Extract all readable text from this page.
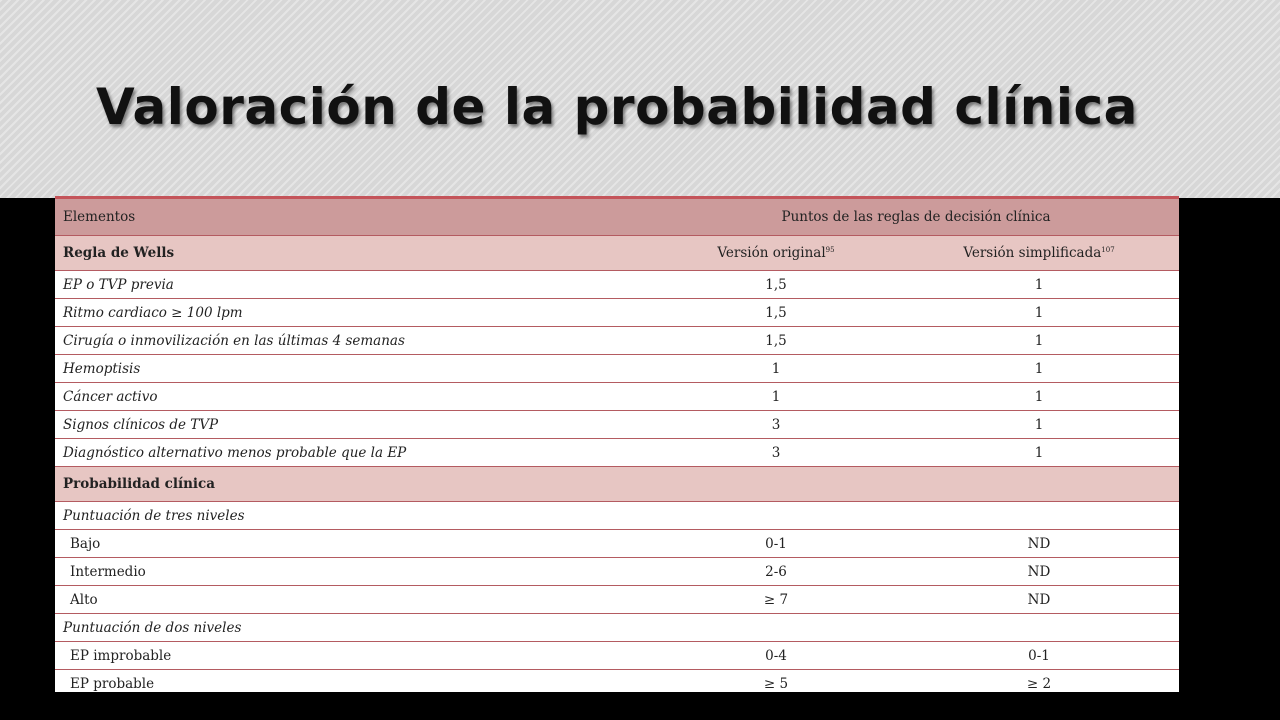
Valoración de la probabilidad clínica
Elementos	Puntos de las reglas de decisión clínica	
Regla de Wells	Versión original$^{95}$	Versión simplificada$^{107}$
EP o TVP previa	1,5	1
Ritmo cardiaco ≥ 100 lpm	1,5	1
Cirugía o inmovilización en las últimas 4 semanas	1,5	1
Hemoptisis	1	1
Cáncer activo	1	1
Signos clínicos de TVP	3	1
Diagnóstico alternativo menos probable que la EP	3	1
Probabilidad clínica		
Puntuación de tres niveles		
Bajo	0-1	ND
Intermedio	2-6	ND
Alto	≥ 7	ND
Puntuación de dos niveles		
EP improbable	0-4	0-1
EP probable	≥ 5	≥ 2
